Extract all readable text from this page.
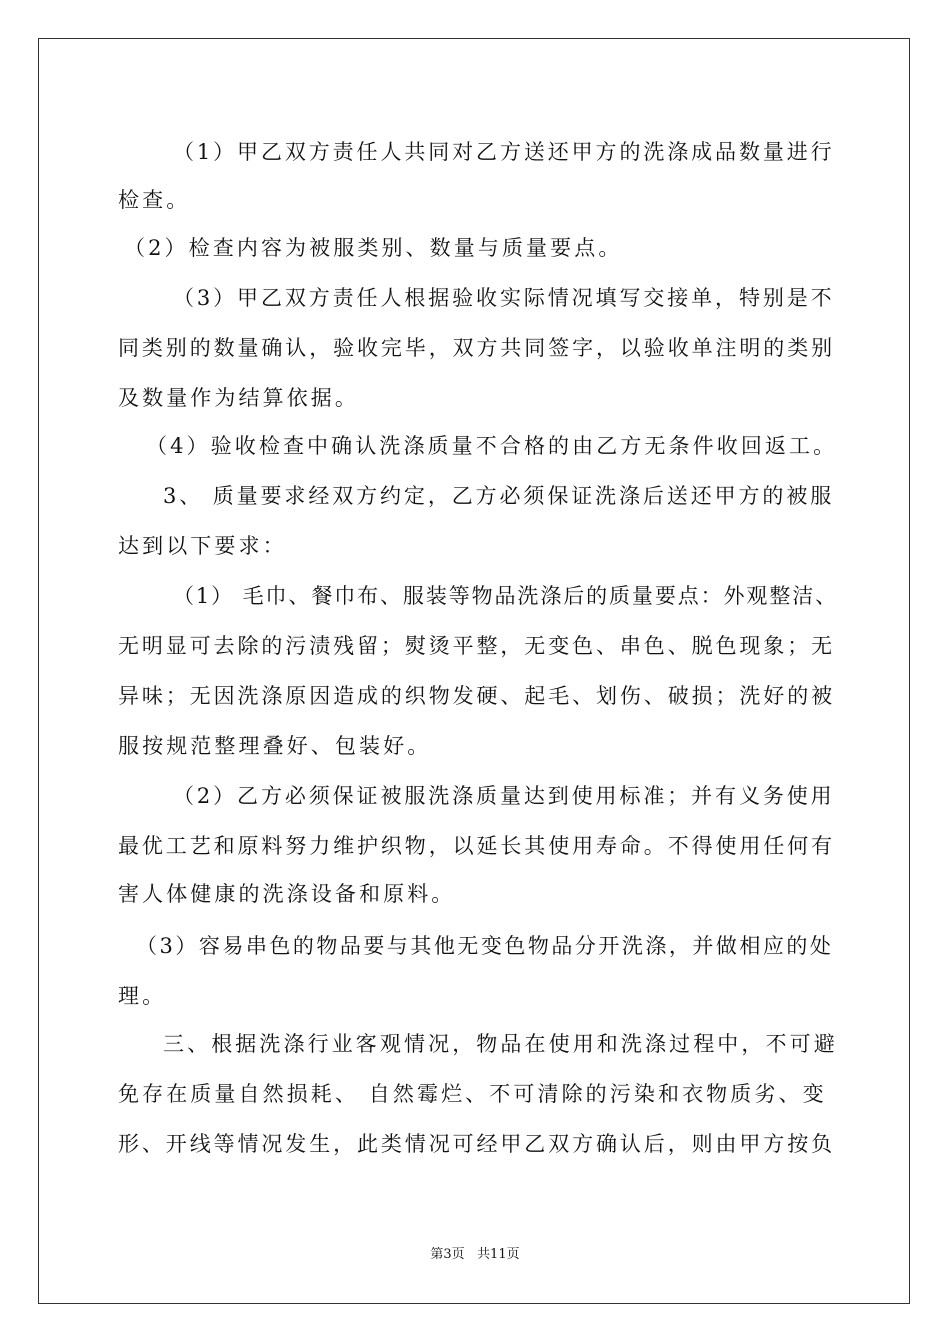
（1）甲乙双方责任人共同对乙方送还甲方的洗涤成品数量进行
检查。
（2）检查内容为被服类别、数量与质量要点。
（3）甲乙双方责任人根据验收实际情况填写交接单，特别是不
同类别的数量确认，验收完毕，双方共同签字，以验收单注明的类别
及数量作为结算依据。
（4）验收检查中确认洗涤质量不合格的由乙方无条件收回返工。
3、 质量要求经双方约定，乙方必须保证洗涤后送还甲方的被服
达到以下要求：
（1） 毛巾、餐巾布、服装等物品洗涤后的质量要点：外观整洁、
无明显可去除的污渍残留；熨烫平整，无变色、串色、脱色现象；无
异味；无因洗涤原因造成的织物发硬、起毛、划伤、破损；洗好的被
服按规范整理叠好、包装好。
（2）乙方必须保证被服洗涤质量达到使用标准；并有义务使用
最优工艺和原料努力维护织物，以延长其使用寿命。不得使用任何有
害人体健康的洗涤设备和原料。
（3）容易串色的物品要与其他无变色物品分开洗涤，并做相应的处
理。
三、根据洗涤行业客观情况，物品在使用和洗涤过程中，不可避
免存在质量自然损耗、 自然霉烂、不可清除的污染和衣物质劣、变
形、开线等情况发生，此类情况可经甲乙双方确认后，则由甲方按负
第3页   共11页
